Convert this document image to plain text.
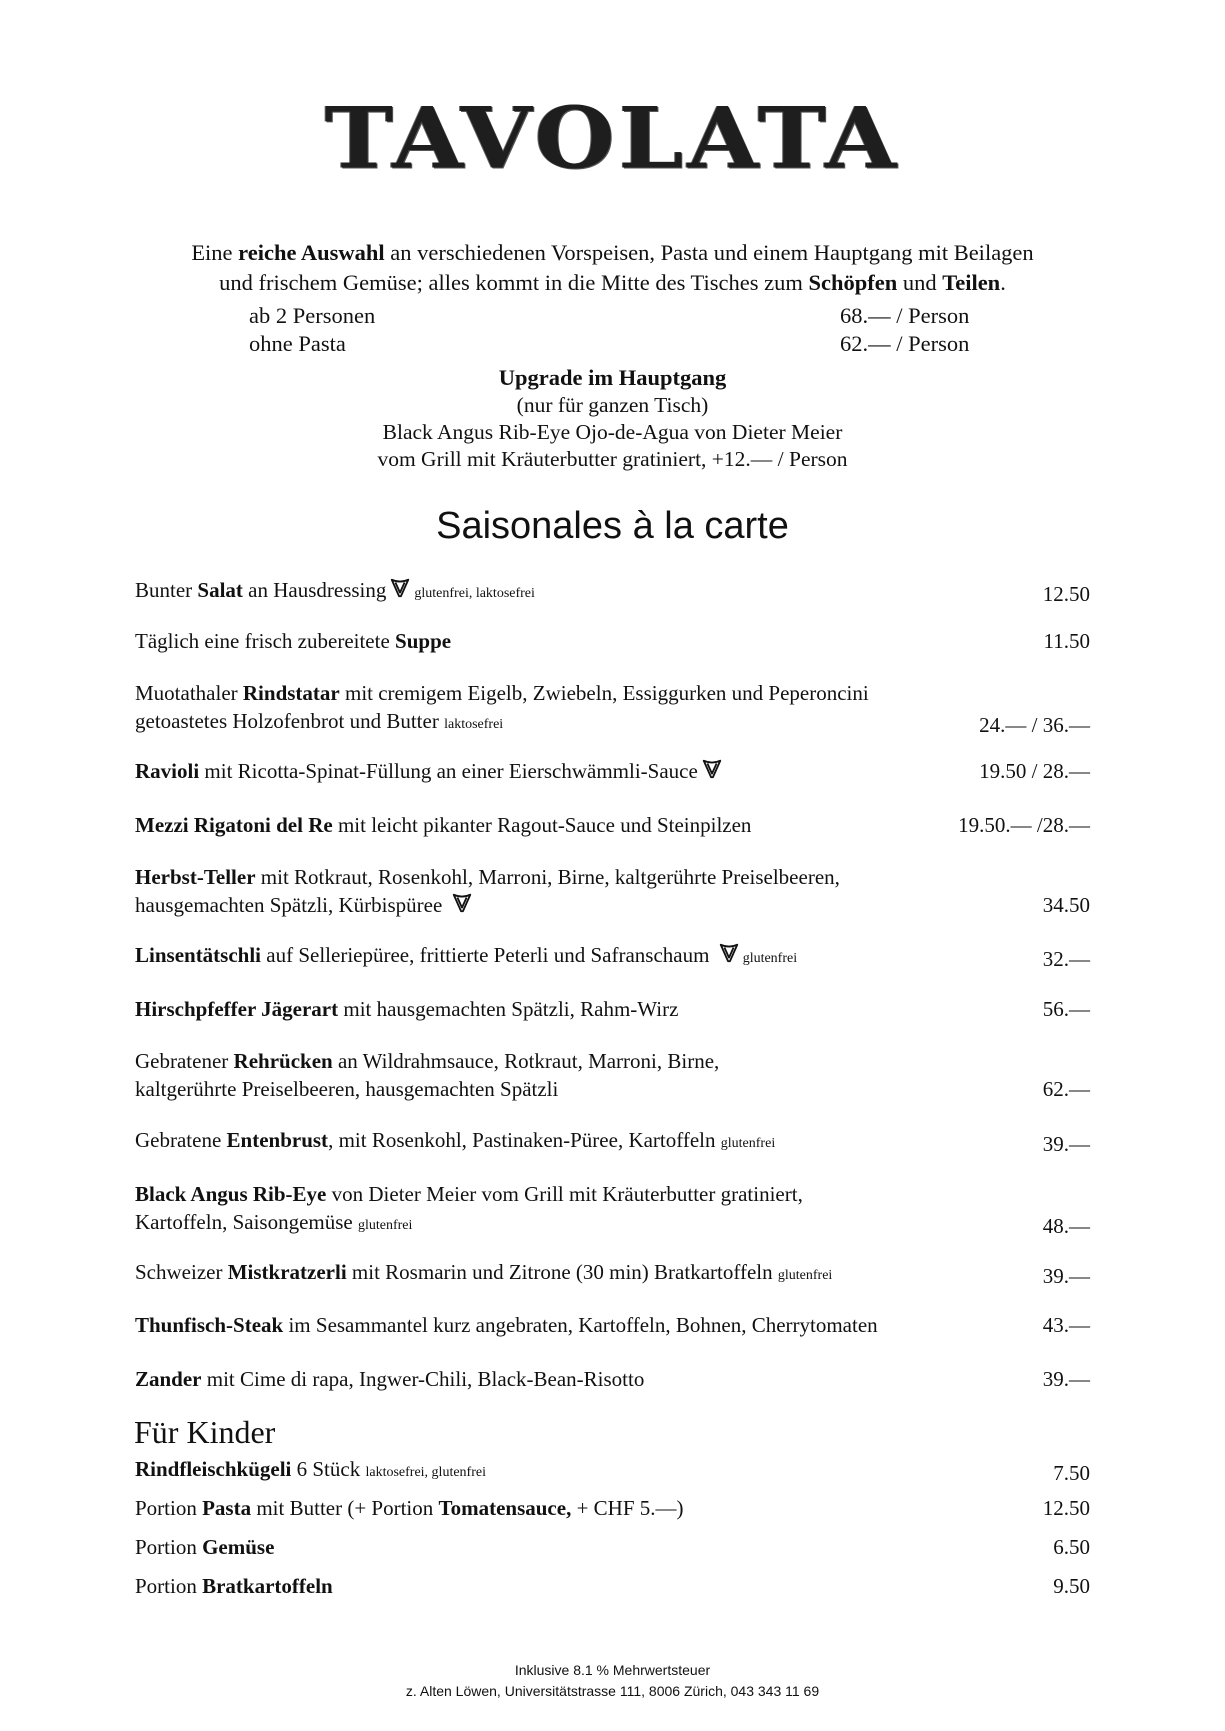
TAVOLATA
Eine reiche Auswahl an verschiedenen Vorspeisen, Pasta und einem Hauptgang mit Beilagen
und frischem Gemüse; alles kommt in die Mitte des Tisches zum Schöpfen und Teilen.
ab 2 Personen	68.— / Person
ohne Pasta	62.— / Person
Upgrade im Hauptgang
(nur für ganzen Tisch)
Black Angus Rib-Eye Ojo-de-Agua von Dieter Meier
vom Grill mit Kräuterbutter gratiniert, +12.— / Person
Saisonales à la carte
Bunter Salat an Hausdressing glutenfrei, laktosefrei	12.50
Täglich eine frisch zubereitete Suppe	11.50
Muotathaler Rindstatar mit cremigem Eigelb, Zwiebeln, Essiggurken und Peperoncini
getoastetes Holzofenbrot und Butter laktosefrei	24.— / 36.—
Ravioli mit Ricotta-Spinat-Füllung an einer Eierschwämmli-Sauce	19.50 / 28.—
Mezzi Rigatoni del Re mit leicht pikanter Ragout-Sauce und Steinpilzen	19.50.— /28.—
Herbst-Teller mit Rotkraut, Rosenkohl, Marroni, Birne, kaltgerührte Preiselbeeren,
hausgemachten Spätzli, Kürbispüree	34.50
Linsentätschli auf Selleriepüree, frittierte Peterli und Safranschaum glutenfrei	32.—
Hirschpfeffer Jägerart mit hausgemachten Spätzli, Rahm-Wirz	56.—
Gebratener Rehrücken an Wildrahmsauce, Rotkraut, Marroni, Birne,
kaltgerührte Preiselbeeren, hausgemachten Spätzli	62.—
Gebratene Entenbrust, mit Rosenkohl, Pastinaken-Püree, Kartoffeln glutenfrei	39.—
Black Angus Rib-Eye von Dieter Meier vom Grill mit Kräuterbutter gratiniert,
Kartoffeln, Saisongemüse glutenfrei	48.—
Schweizer Mistkratzerli mit Rosmarin und Zitrone (30 min) Bratkartoffeln glutenfrei	39.—
Thunfisch-Steak im Sesammantel kurz angebraten, Kartoffeln, Bohnen, Cherrytomaten	43.—
Zander mit Cime di rapa, Ingwer-Chili, Black-Bean-Risotto	39.—
Für Kinder
Rindfleischkügeli 6 Stück laktosefrei, glutenfrei	7.50
Portion Pasta mit Butter (+ Portion Tomatensauce, + CHF 5.—)	12.50
Portion Gemüse	6.50
Portion Bratkartoffeln	9.50
Inklusive 8.1 % Mehrwertsteuer
z. Alten Löwen, Universitätstrasse 111, 8006 Zürich, 043 343 11 69
